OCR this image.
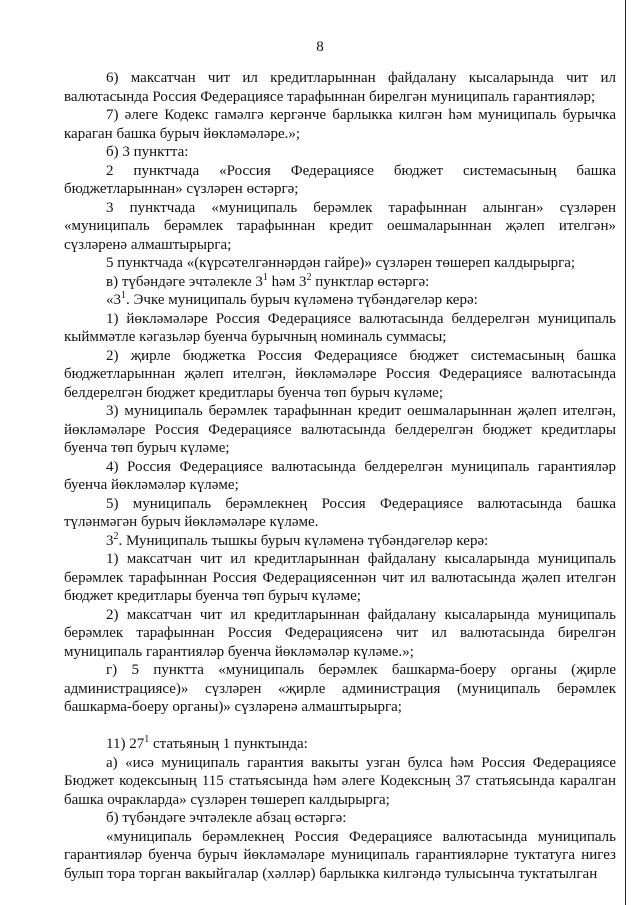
8

6) максатчан чит ил кредитларыннан файдалану кысаларында чит ил валютасында Россия Федерациясе тарафыннан бирелгән муниципаль гарантияләр;

7) әлеге Кодекс гамәлгә кергәнче барлыкка килгән һәм муниципаль бурычка караган башка бурыч йөкләмәләре.»;

б) 3 пунктта:

2 пунктчада «Россия Федерациясе бюджет системасының башка бюджетларыннан» сүзләрен өстәргә;

3 пунктчада «муниципаль берәмлек тарафыннан алынган» сүзләрен «муниципаль берәмлек тарафыннан кредит оешмаларыннан җәлеп ителгән» сүзләренә алмаштырырга;

5 пунктчада «(күрсәтелгәннәрдән гайре)» сүзләрен төшереп калдырырга;

в) түбәндәге эчтәлекле $3^1$ һәм $3^2$ пунктлар өстәргә:

«$3^1$. Эчке муниципаль бурыч күләменә түбәндәгеләр керә:

1) йөкләмәләре Россия Федерациясе валютасында белдерелгән муниципаль кыйммәтле кәгазьләр буенча бурычның номиналь суммасы;

2) җирле бюджетка Россия Федерациясе бюджет системасының башка бюджетларыннан җәлеп ителгән, йөкләмәләре Россия Федерациясе валютасында белдерелгән бюджет кредитлары буенча төп бурыч күләме;

3) муниципаль берәмлек тарафыннан кредит оешмаларыннан җәлеп ителгән, йөкләмәләре Россия Федерациясе валютасында белдерелгән бюджет кредитлары буенча төп бурыч күләме;

4) Россия Федерациясе валютасында белдерелгән муниципаль гарантияләр буенча йөкләмәләр күләме;

5) муниципаль берәмлекнең Россия Федерациясе валютасында башка түләнмәгән бурыч йөкләмәләре күләме.

$3^2$. Муниципаль тышкы бурыч күләменә түбәндәгеләр керә:

1) максатчан чит ил кредитларыннан файдалану кысаларында муниципаль берәмлек тарафыннан Россия Федерациясеннән чит ил валютасында җәлеп ителгән бюджет кредитлары буенча төп бурыч күләме;

2) максатчан чит ил кредитларыннан файдалану кысаларында муниципаль берәмлек тарафыннан Россия Федерациясенә чит ил валютасында бирелгән муниципаль гарантияләр буенча йөкләмәләр күләме.»;

г) 5 пунктта «муниципаль берәмлек башкарма-боеру органы (җирле администрациясе)» сүзләрен «җирле администрация (муниципаль берәмлек башкарма-боеру органы)» сүзләренә алмаштырырга;

11) $27^1$ статьяның 1 пунктында:

а) «исә муниципаль гарантия вакыты узган булса һәм Россия Федерациясе Бюджет кодексының 115 статьясында һәм әлеге Кодексның 37 статьясында каралган башка очракларда» сүзләрен төшереп калдырырга;

б) түбәндәге эчтәлекле абзац өстәргә:

«муниципаль берәмлекнең Россия Федерациясе валютасында муниципаль гарантияләр буенча бурыч йөкләмәләре муниципаль гарантияләрне туктатуга нигез булып тора торган вакыйгалар (хәлләр) барлыкка килгәндә тулысынча туктатылган
